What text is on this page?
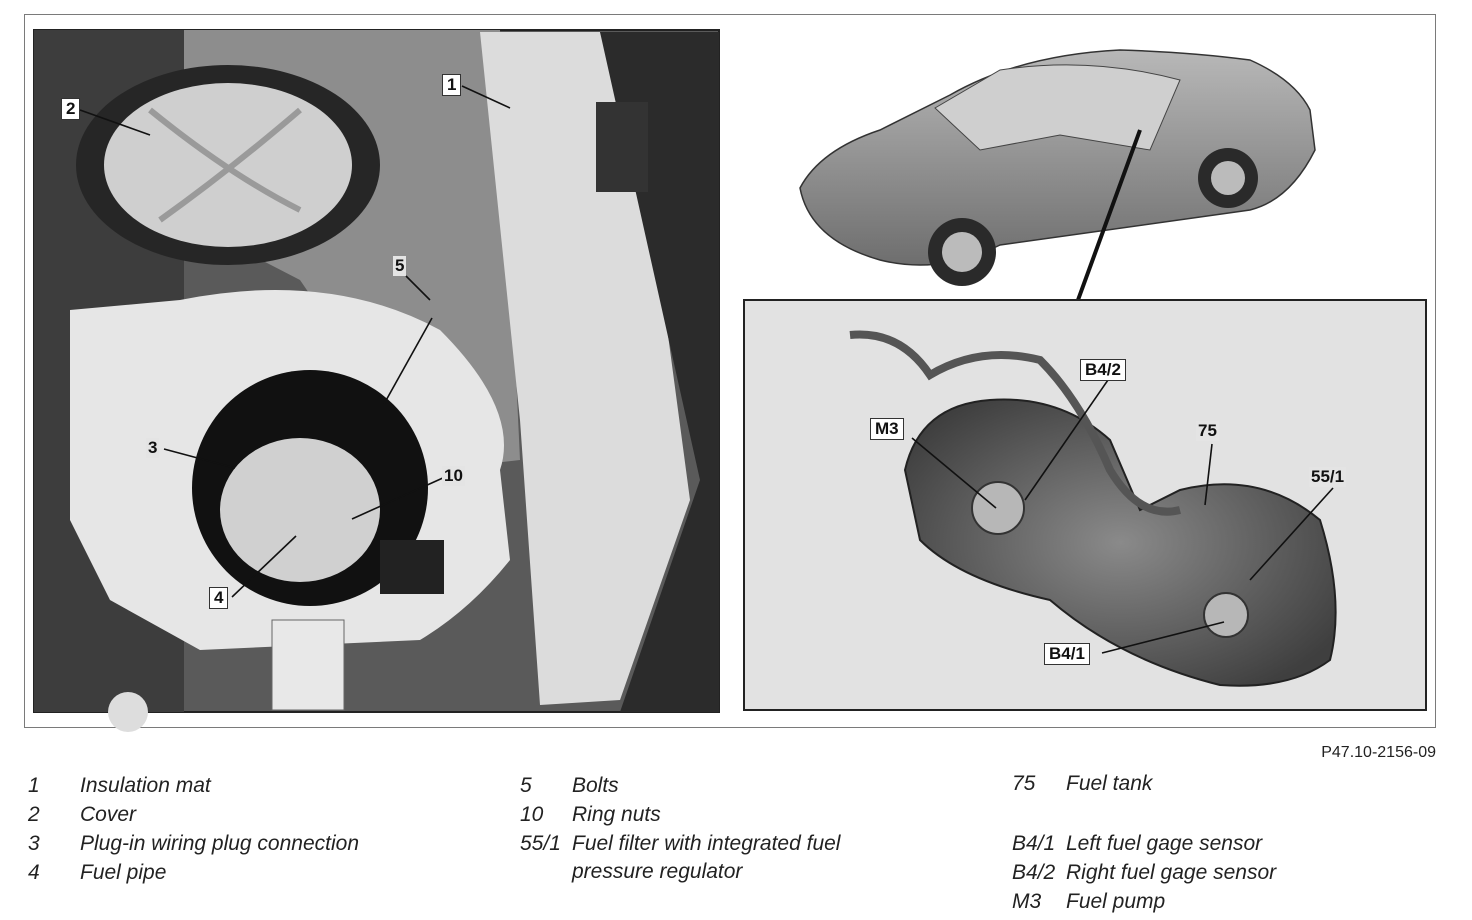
1
2
5
3
10
4
M3
B4/2
75
55/1
B4/1
P47.10-2156-09
1 Insulation mat
2 Cover
3 Plug-in wiring plug connection
4 Fuel pipe
5 Bolts
10 Ring nuts
55/1 Fuel filter with integrated fuel
pressure regulator
75 Fuel tank
B4/1 Left fuel gage sensor
B4/2 Right fuel gage sensor
M3 Fuel pump
